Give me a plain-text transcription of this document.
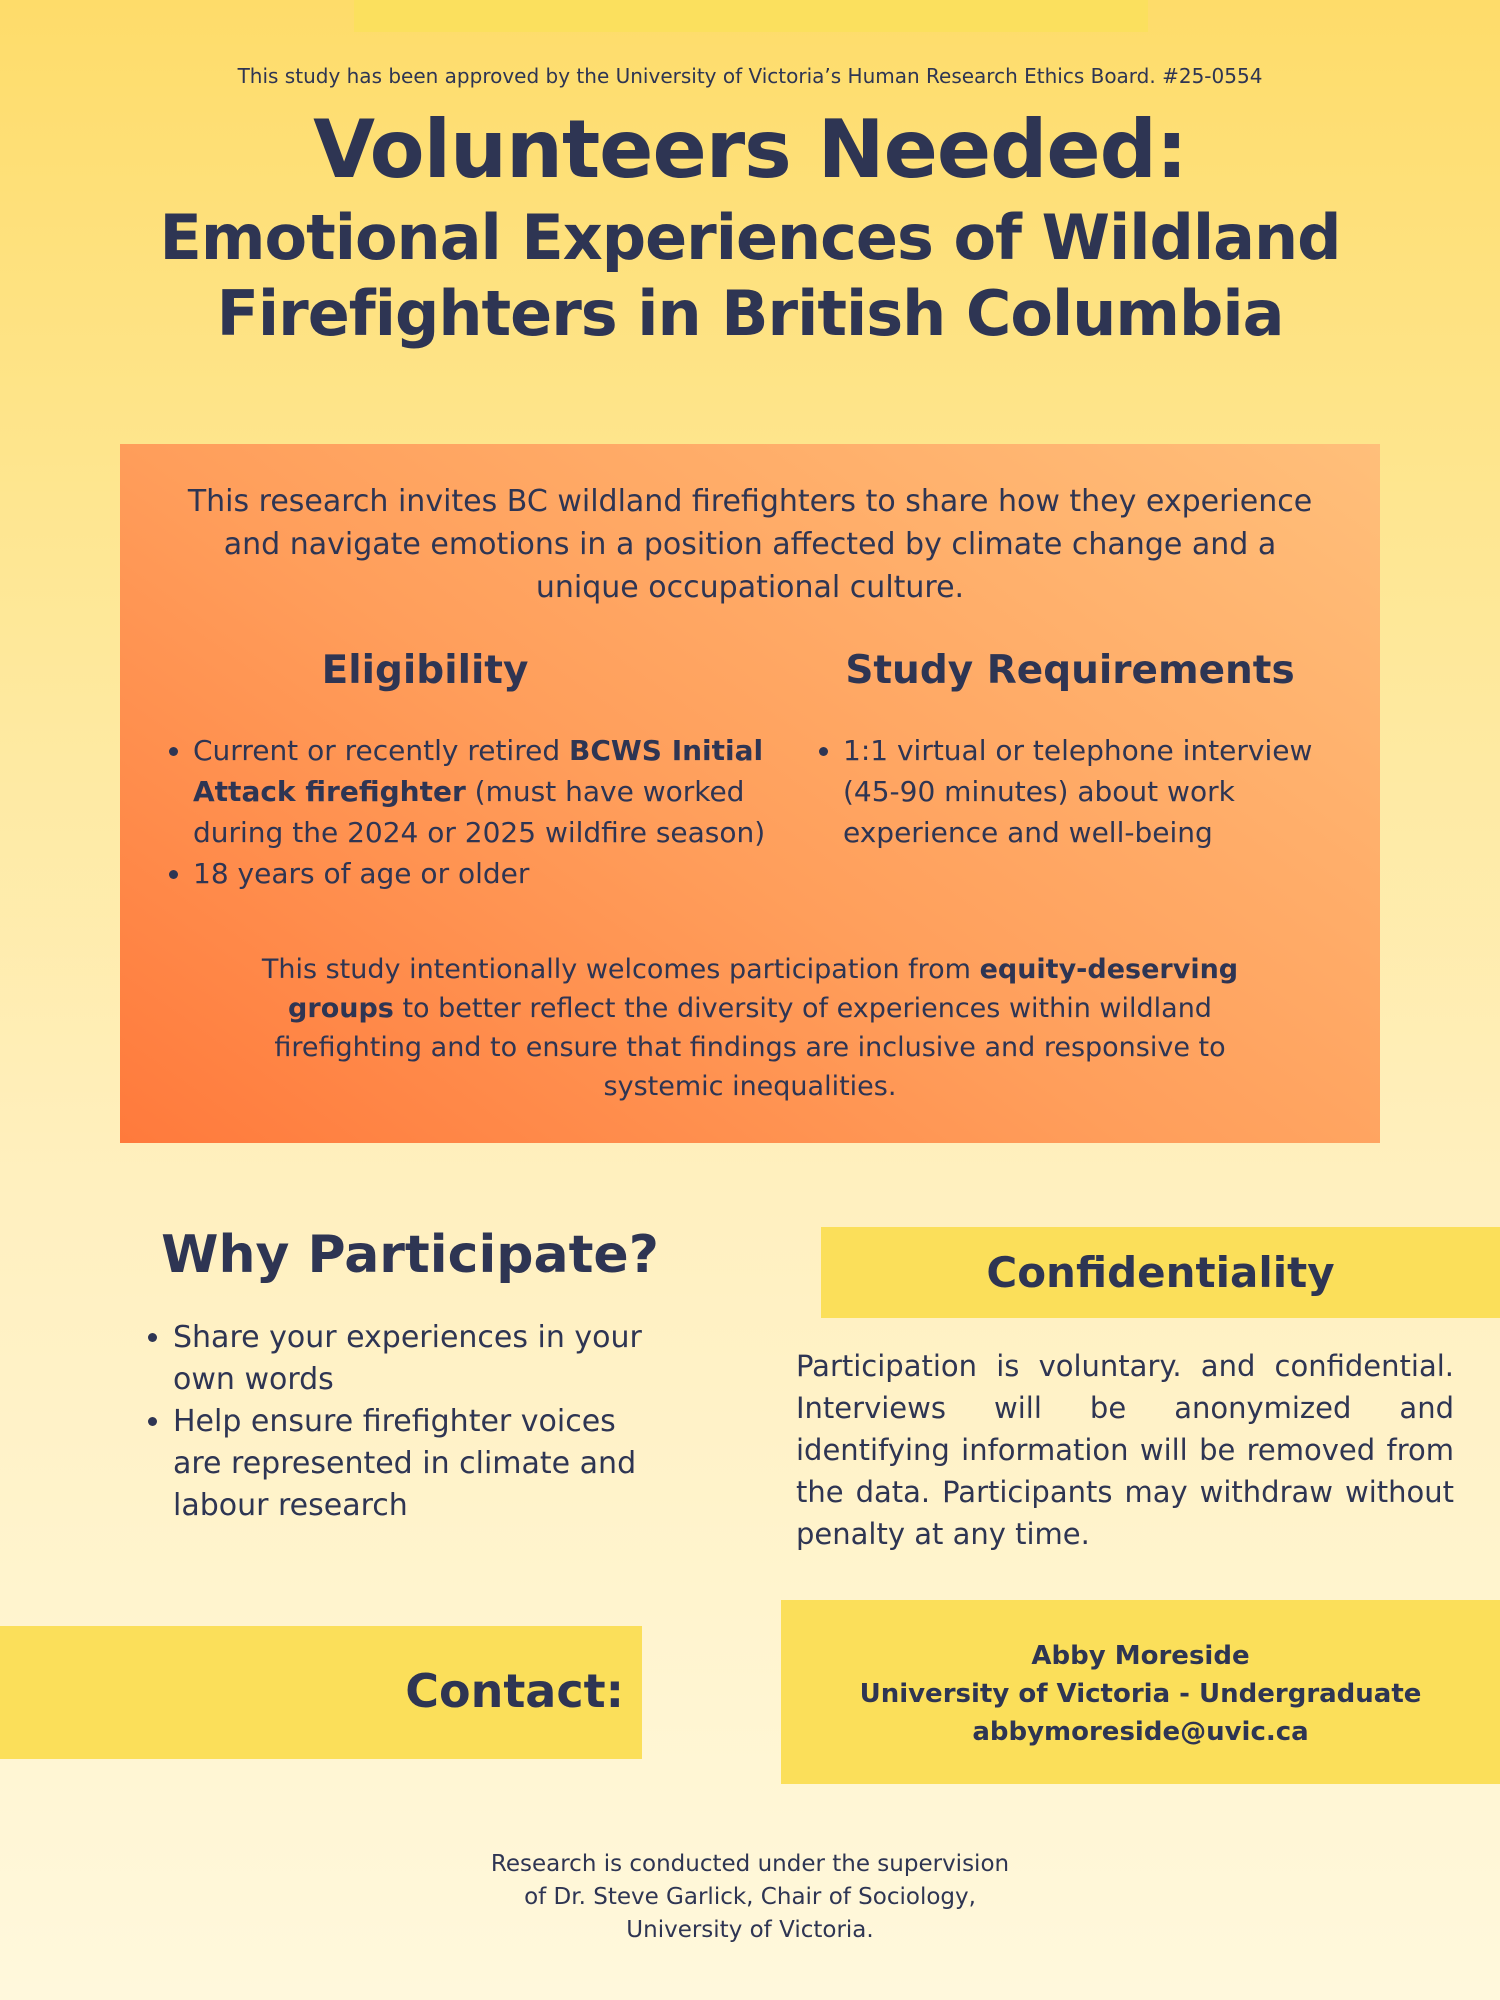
This study has been approved by the University of Victoria’s Human Research Ethics Board. #25-0554
Volunteers Needed:
Emotional Experiences of Wildland
Firefighters in British Columbia
This research invites BC wildland firefighters to share how they experience and navigate emotions in a position affected by climate change and a unique occupational culture.
Eligibility	Study Requirements
• Current or recently retired BCWS Initial Attack firefighter (must have worked during the 2024 or 2025 wildfire season)
• 18 years of age or older
• 1:1 virtual or telephone interview (45-90 minutes) about work experience and well-being
This study intentionally welcomes participation from equity-deserving groups to better reflect the diversity of experiences within wildland firefighting and to ensure that findings are inclusive and responsive to systemic inequalities.
Why Participate?
• Share your experiences in your own words
• Help ensure firefighter voices are represented in climate and labour research
Confidentiality
Participation is voluntary. and confidential. Interviews will be anonymized and identifying information will be removed from the data. Participants may withdraw without penalty at any time.
Contact:
Abby Moreside
University of Victoria - Undergraduate
abbymoreside@uvic.ca
Research is conducted under the supervision
of Dr. Steve Garlick, Chair of Sociology,
University of Victoria.
